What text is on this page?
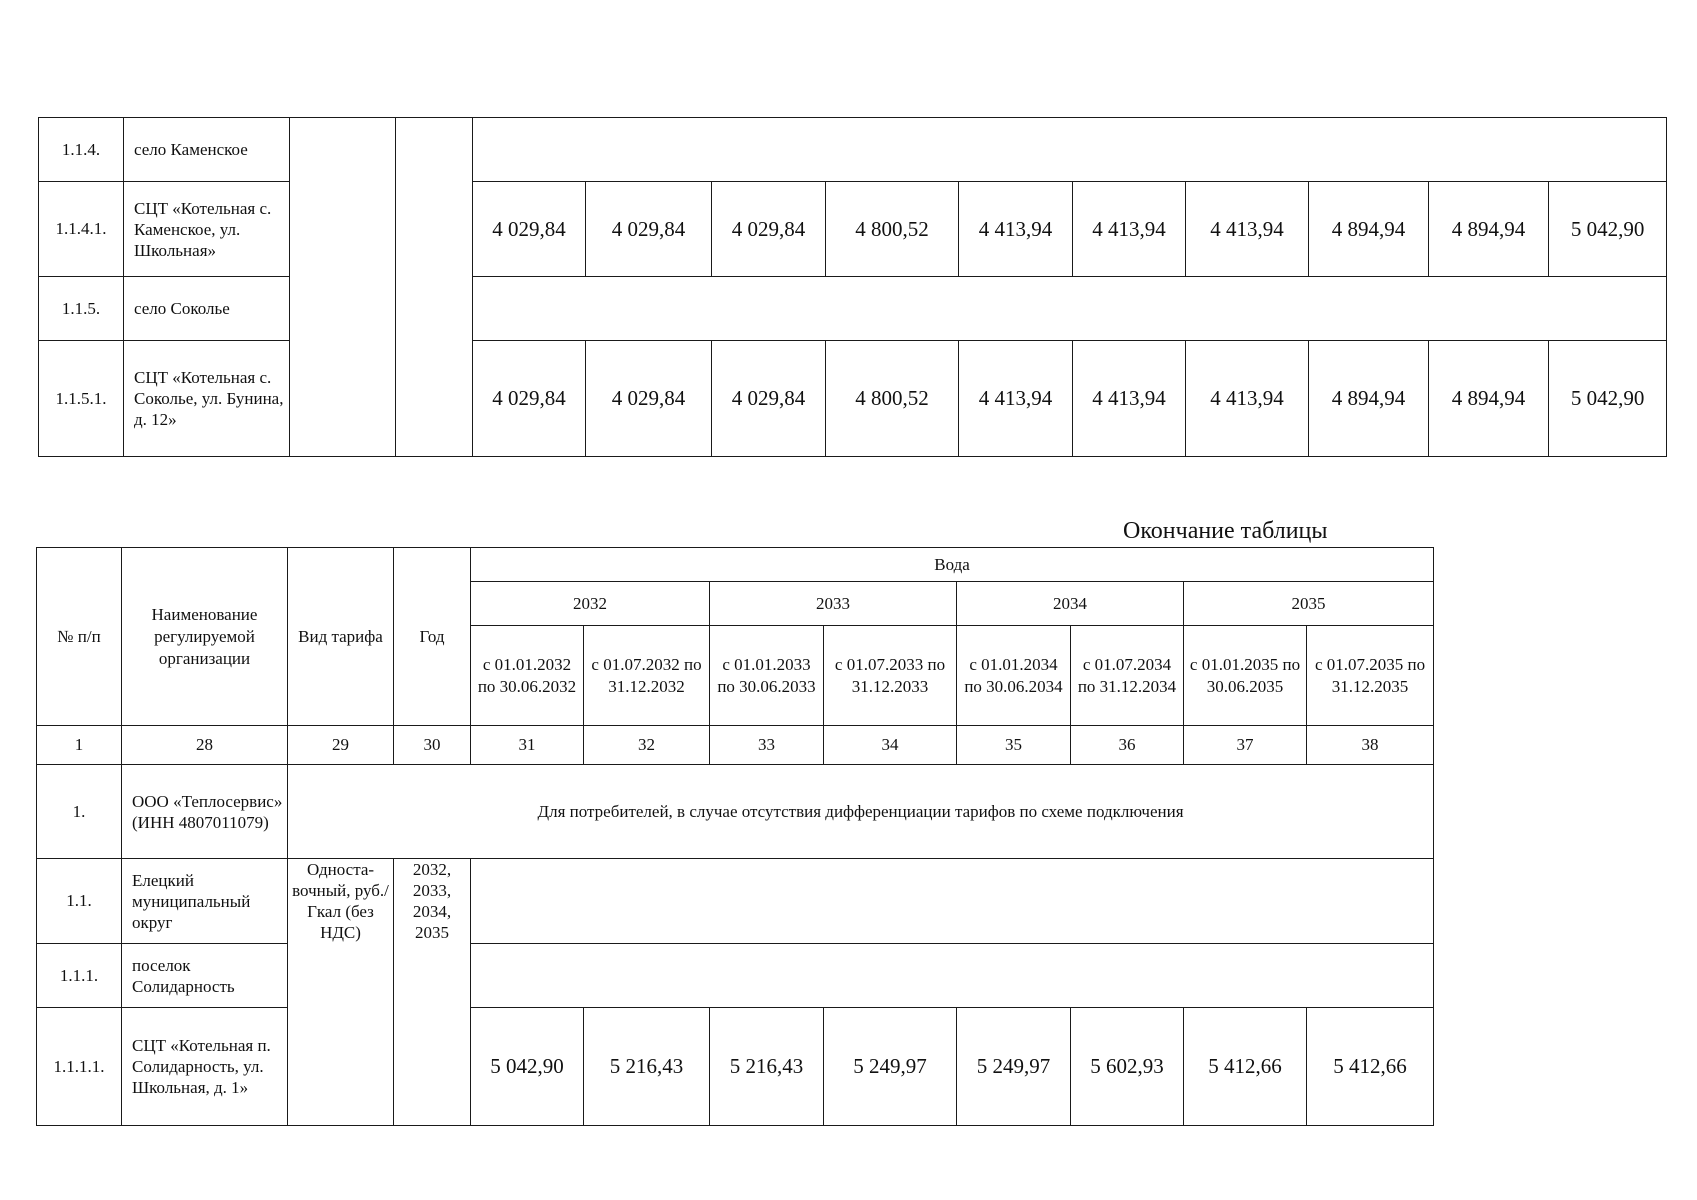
1.1.4.	село Каменское												
1.1.4.1.	СЦТ «Котельная с. Каменское, ул. Школьная»			4 029,84	4 029,84	4 029,84	4 800,52	4 413,94	4 413,94	4 413,94	4 894,94	4 894,94	5 042,90
1.1.5.	село Соколье												
1.1.5.1.	СЦТ «Котельная с. Соколье, ул. Бунина, д. 12»			4 029,84	4 029,84	4 029,84	4 800,52	4 413,94	4 413,94	4 413,94	4 894,94	4 894,94	5 042,90
Окончание таблицы
№ п/п	Наименование регулируемой организации	Вид тарифа	Год	Вода							
				2032		2033		2034		2035	
				с 01.01.2032 по 30.06.2032	с 01.07.2032 по 31.12.2032	с 01.01.2033 по 30.06.2033	с 01.07.2033 по 31.12.2033	с 01.01.2034 по 30.06.2034	с 01.07.2034 по 31.12.2034	с 01.01.2035 по 30.06.2035	с 01.07.2035 по 31.12.2035
1	28	29	30	31	32	33	34	35	36	37	38
1.	ООО «Теплосервис» (ИНН 4807011079)	Для потребителей, в случае отсутствия дифференциации тарифов по схеме подключения									
1.1.	Елецкий муниципальный округ	Односта-вочный, руб./Гкал (без НДС)	2032, 2033, 2034, 2035								
1.1.1.	поселок Солидарность										
1.1.1.1.	СЦТ «Котельная п. Солидарность, ул. Школьная, д. 1»			5 042,90	5 216,43	5 216,43	5 249,97	5 249,97	5 602,93	5 412,66	5 412,66
